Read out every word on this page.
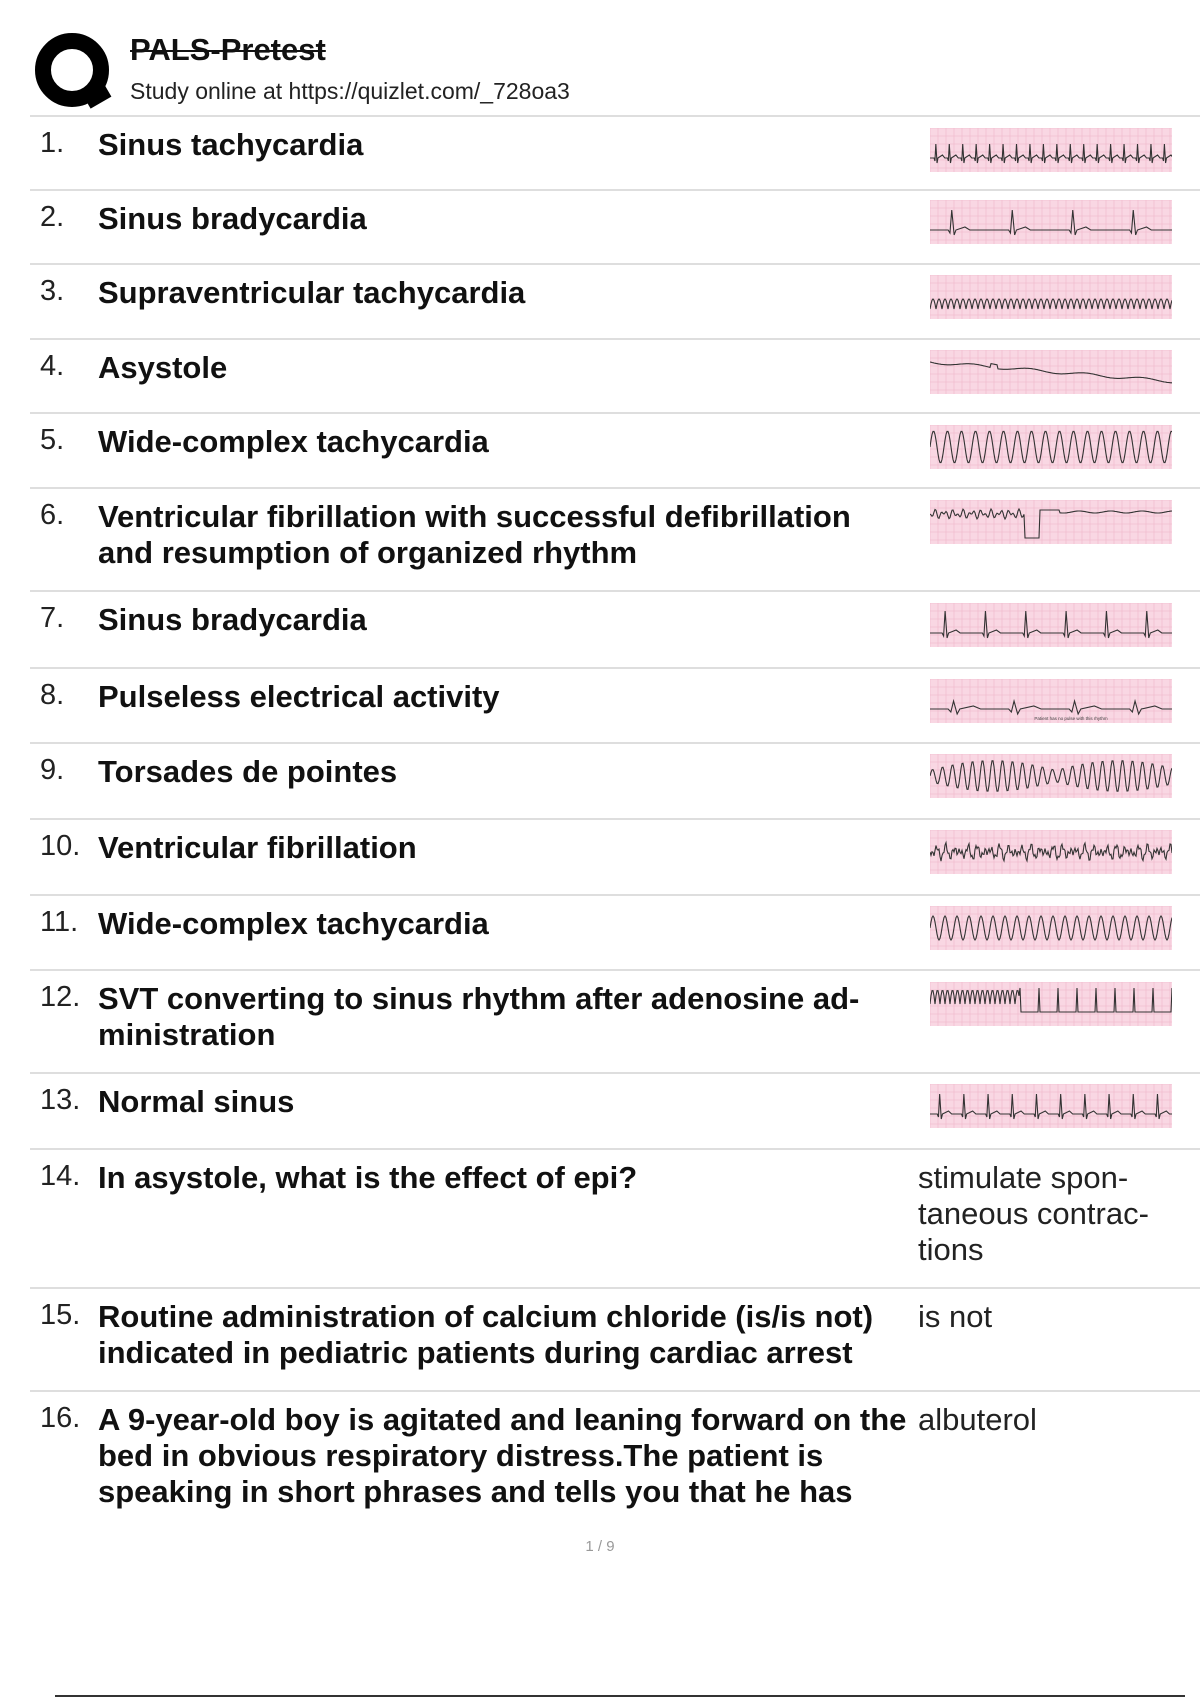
PALS-Pretest
Study online at https://quizlet.com/_728oa3
1. Sinus tachycardia
2. Sinus bradycardia
3. Supraventricular tachycardia
4. Asystole
5. Wide-complex tachycardia
6. Ventricular fibrillation with successful defibrillation and resumption of organized rhythm
7. Sinus bradycardia
8. Pulseless electrical activity
Patient has no pulse with this rhythm
9. Torsades de pointes
10. Ventricular fibrillation
11. Wide-complex tachycardia
12. SVT converting to sinus rhythm after adenosine ad-ministration
13. Normal sinus
14. In asystole, what is the effect of epi?	stimulate spon-taneous contrac-tions
15. Routine administration of calcium chloride (is/is not) indicated in pediatric patients during cardiac arrest
is not
16. A 9-year-old boy is agitated and leaning forward on the bed in obvious respiratory distress.The patient is speaking in short phrases and tells you that he has
albuterol
1 / 9
